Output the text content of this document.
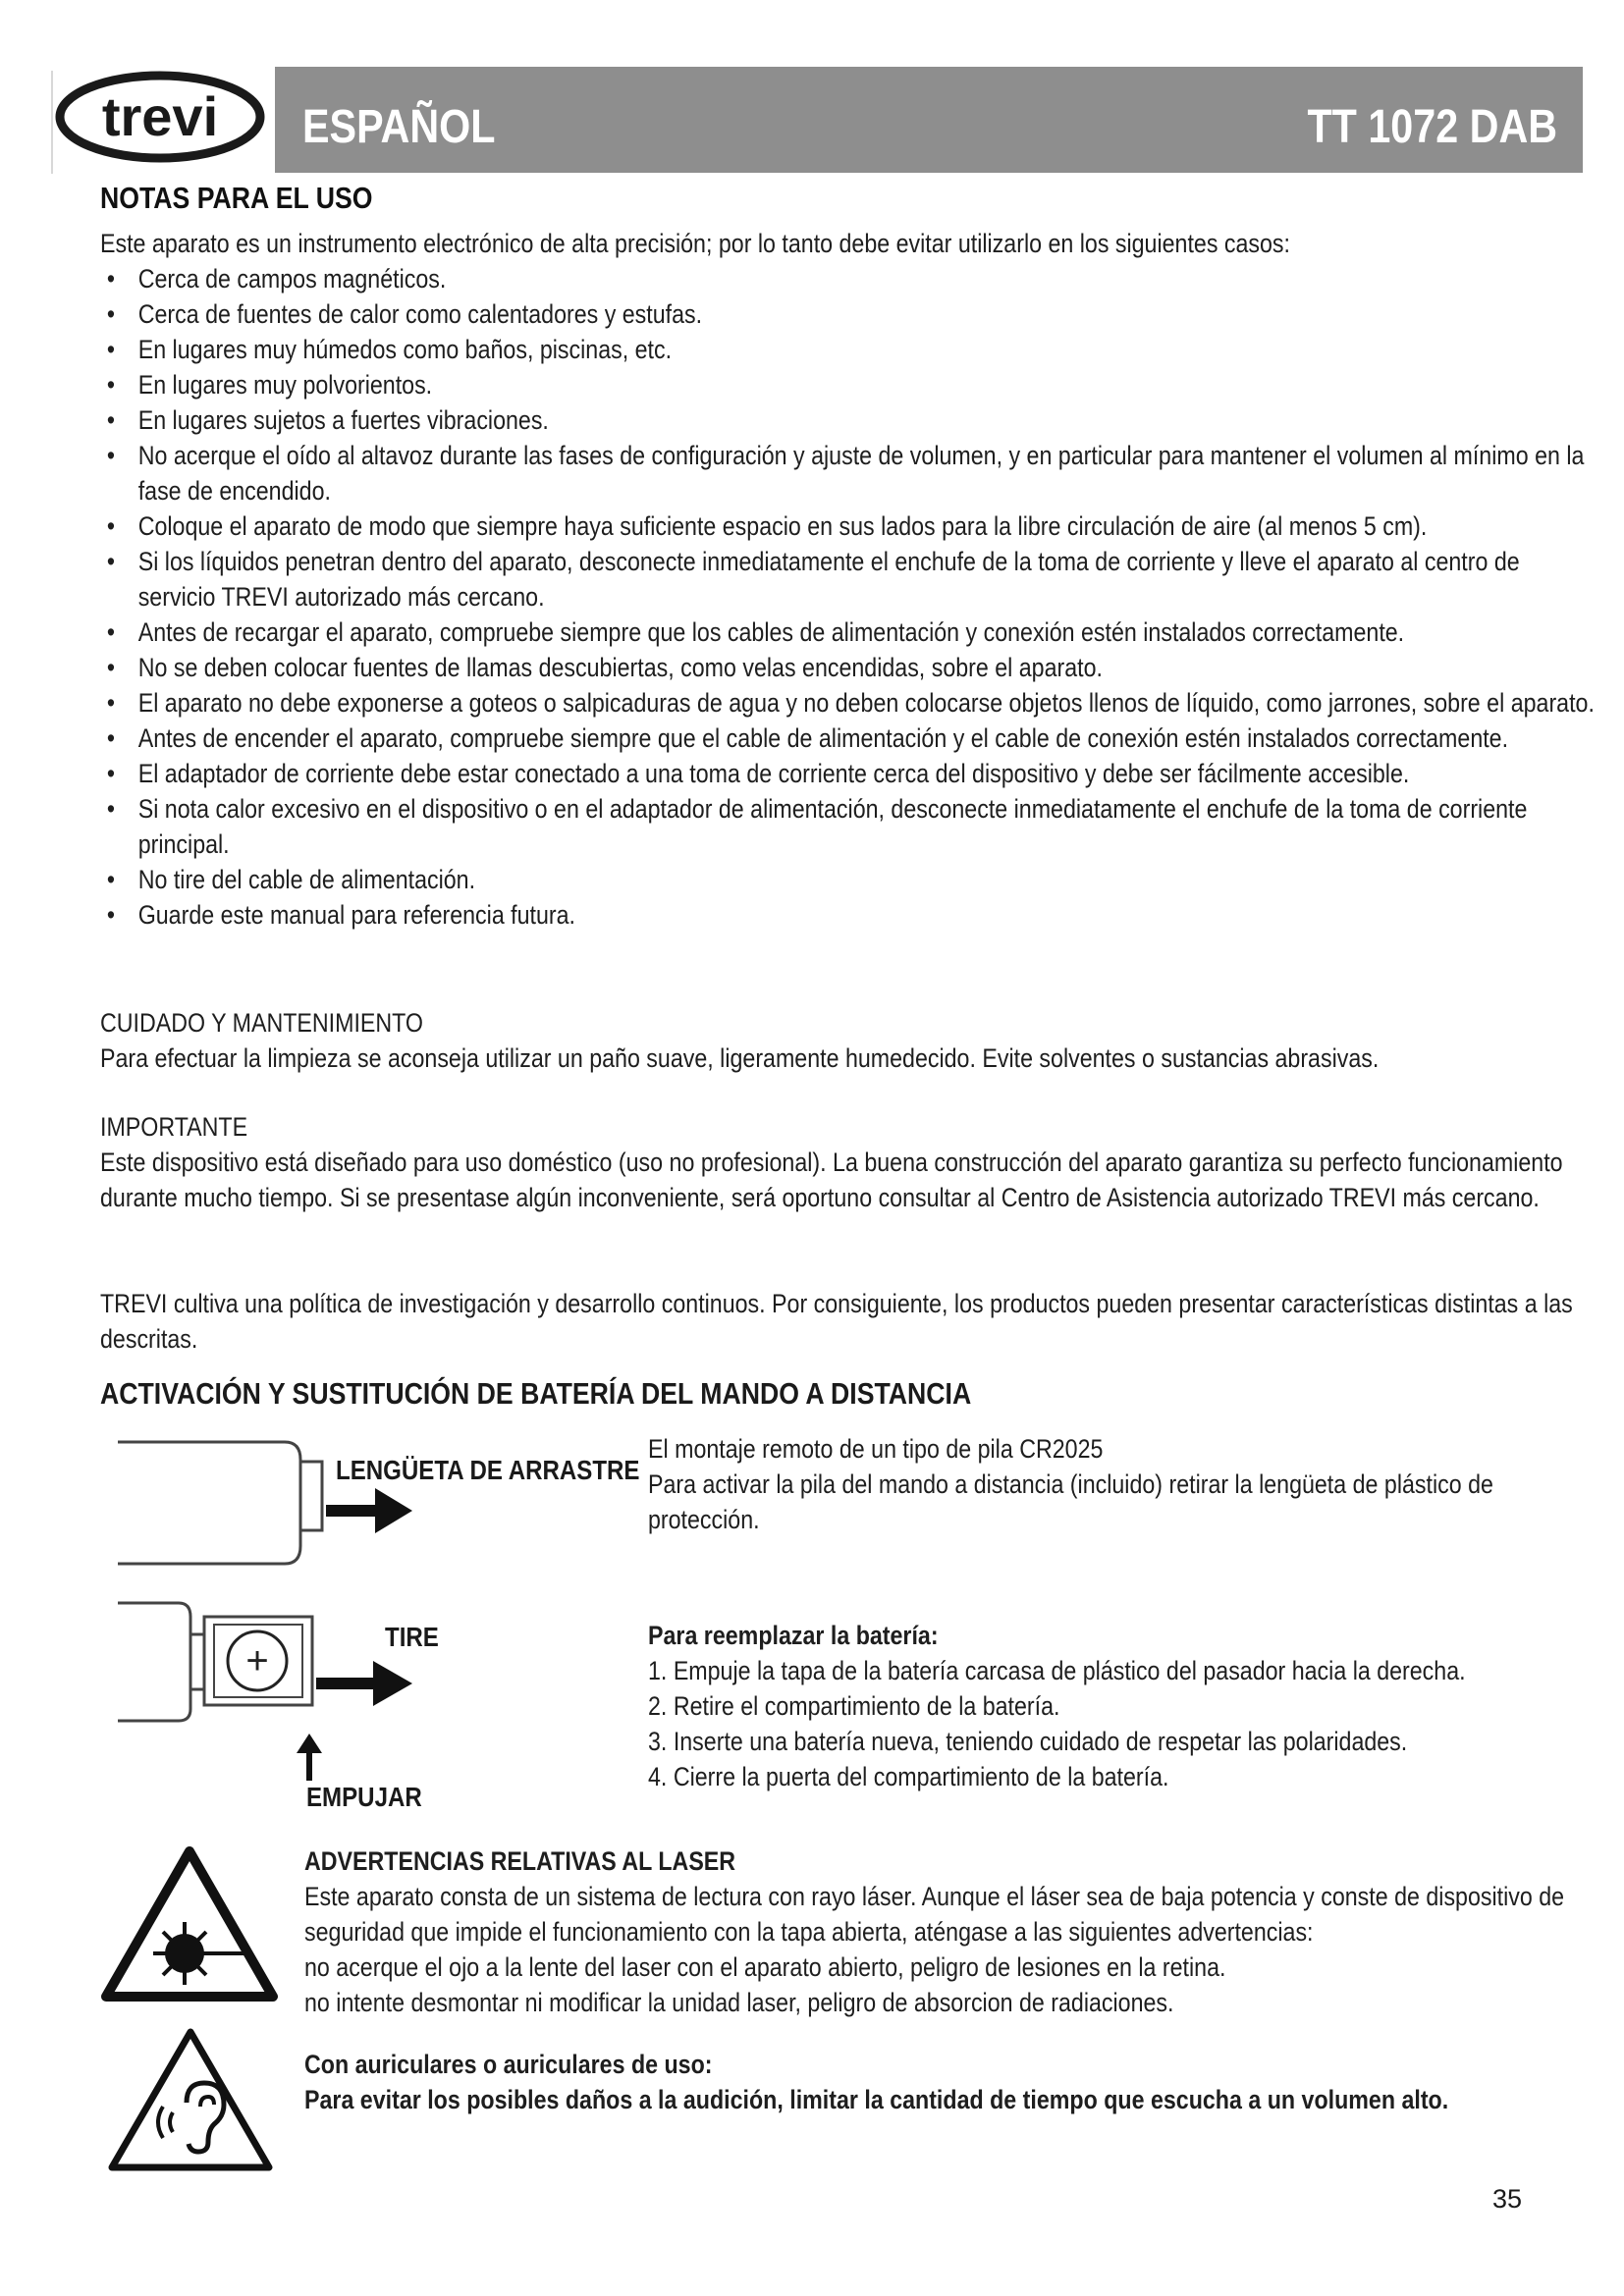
trevi ESPAÑOL	TT 1072 DAB
NOTAS PARA EL USO
Este aparato es un instrumento electrónico de alta precisión; por lo tanto debe evitar utilizarlo en los siguientes casos:
• Cerca de campos magnéticos.
• Cerca de fuentes de calor como calentadores y estufas.
• En lugares muy húmedos como baños, piscinas, etc.
• En lugares muy polvorientos.
• En lugares sujetos a fuertes vibraciones.
• No acerque el oído al altavoz durante las fases de configuración y ajuste de volumen, y en particular para mantener el volumen al mínimo en la fase de encendido.
• Coloque el aparato de modo que siempre haya suficiente espacio en sus lados para la libre circulación de aire (al menos 5 cm).
• Si los líquidos penetran dentro del aparato, desconecte inmediatamente el enchufe de la toma de corriente y lleve el aparato al centro de servicio TREVI autorizado más cercano.
• Antes de recargar el aparato, compruebe siempre que los cables de alimentación y conexión estén instalados correctamente.
• No se deben colocar fuentes de llamas descubiertas, como velas encendidas, sobre el aparato.
• El aparato no debe exponerse a goteos o salpicaduras de agua y no deben colocarse objetos llenos de líquido, como jarrones, sobre el aparato.
• Antes de encender el aparato, compruebe siempre que el cable de alimentación y el cable de conexión estén instalados correctamente.
• El adaptador de corriente debe estar conectado a una toma de corriente cerca del dispositivo y debe ser fácilmente accesible.
• Si nota calor excesivo en el dispositivo o en el adaptador de alimentación, desconecte inmediatamente el enchufe de la toma de corriente principal.
• No tire del cable de alimentación.
• Guarde este manual para referencia futura.
CUIDADO Y MANTENIMIENTO
Para efectuar la limpieza se aconseja utilizar un paño suave, ligeramente humedecido. Evite solventes o sustancias abrasivas.
IMPORTANTE
Este dispositivo está diseñado para uso doméstico (uso no profesional). La buena construcción del aparato garantiza su perfecto funcionamiento durante mucho tiempo. Si se presentase algún inconveniente, será oportuno consultar al Centro de Asistencia autorizado TREVI más cercano.
TREVI cultiva una política de investigación y desarrollo continuos. Por consiguiente, los productos pueden presentar características distintas a las descritas.
ACTIVACIÓN Y SUSTITUCIÓN DE BATERÍA DEL MANDO A DISTANCIA
LENGÜETA DE ARRASTRE
El montaje remoto de un tipo de pila CR2025
Para activar la pila del mando a distancia (incluido) retirar la lengüeta de plástico de protección.
+
TIRE
EMPUJAR
Para reemplazar la batería:
1. Empuje la tapa de la batería carcasa de plástico del pasador hacia la derecha.
2. Retire el compartimiento de la batería.
3. Inserte una batería nueva, teniendo cuidado de respetar las polaridades.
4. Cierre la puerta del compartimiento de la batería.
ADVERTENCIAS RELATIVAS AL LASER
Este aparato consta de un sistema de lectura con rayo láser. Aunque el láser sea de baja potencia y conste de dispositivo de seguridad que impide el funcionamiento con la tapa abierta, aténgase a las siguientes advertencias:
no acerque el ojo a la lente del laser con el aparato abierto, peligro de lesiones en la retina.
no intente desmontar ni modificar la unidad laser, peligro de absorcion de radiaciones.
Con auriculares o auriculares de uso:
Para evitar los posibles daños a la audición, limitar la cantidad de tiempo que escucha a un volumen alto.
35
